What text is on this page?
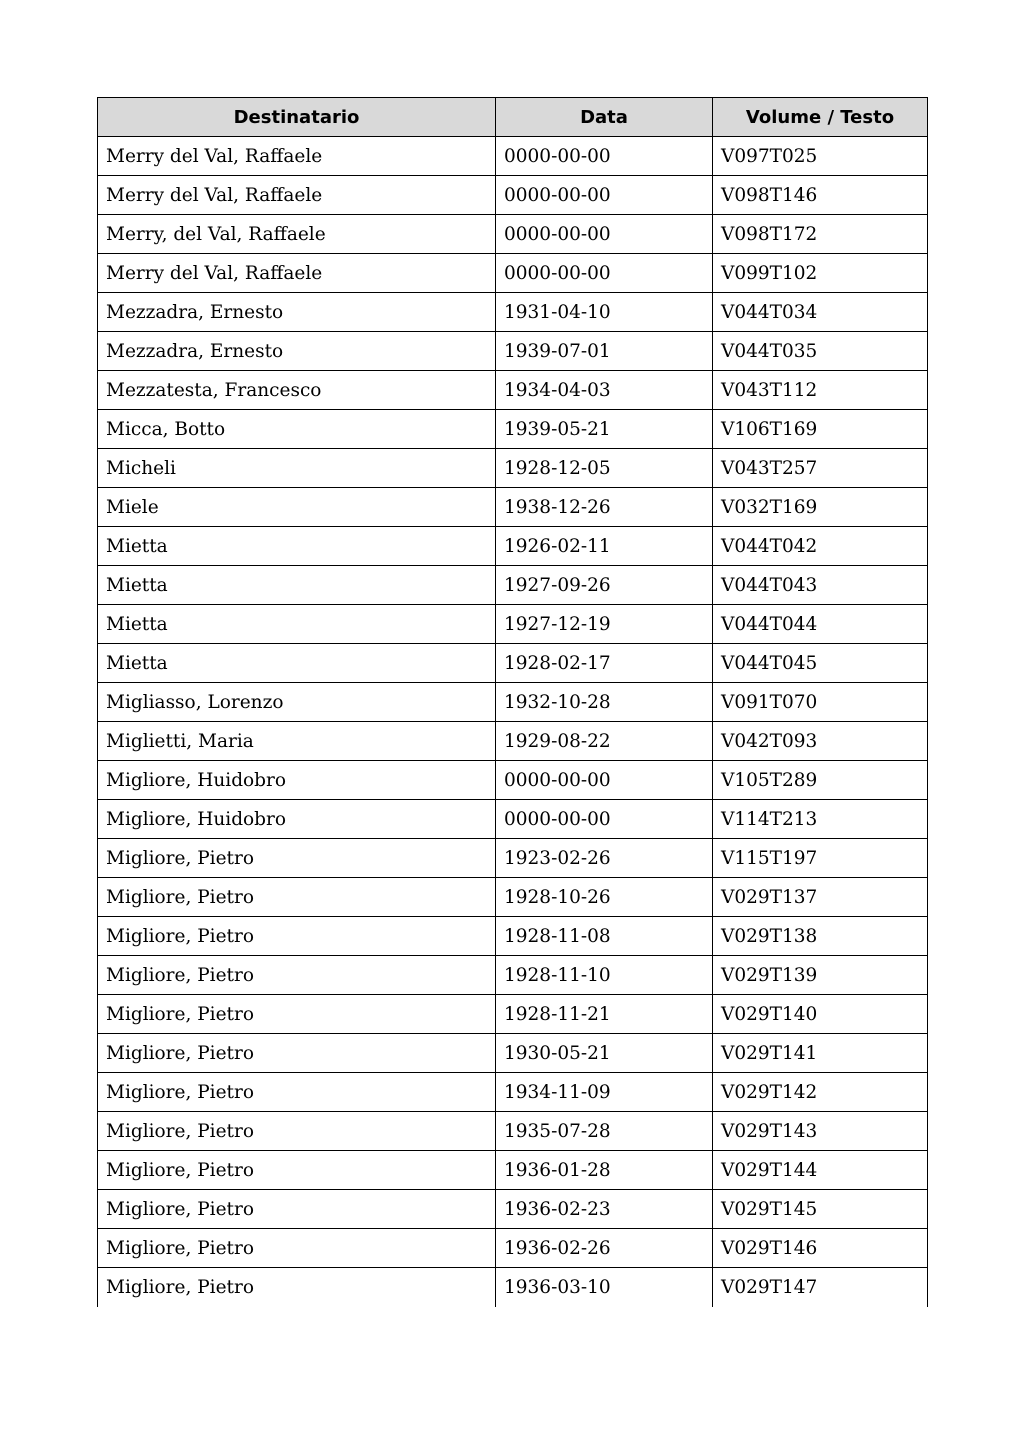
Destinatario	Data	Volume / Testo
Merry del Val, Raffaele	0000-00-00	V097T025
Merry del Val, Raffaele	0000-00-00	V098T146
Merry, del Val, Raffaele	0000-00-00	V098T172
Merry del Val, Raffaele	0000-00-00	V099T102
Mezzadra, Ernesto	1931-04-10	V044T034
Mezzadra, Ernesto	1939-07-01	V044T035
Mezzatesta, Francesco	1934-04-03	V043T112
Micca, Botto	1939-05-21	V106T169
Micheli	1928-12-05	V043T257
Miele	1938-12-26	V032T169
Mietta	1926-02-11	V044T042
Mietta	1927-09-26	V044T043
Mietta	1927-12-19	V044T044
Mietta	1928-02-17	V044T045
Migliasso, Lorenzo	1932-10-28	V091T070
Miglietti, Maria	1929-08-22	V042T093
Migliore, Huidobro	0000-00-00	V105T289
Migliore, Huidobro	0000-00-00	V114T213
Migliore, Pietro	1923-02-26	V115T197
Migliore, Pietro	1928-10-26	V029T137
Migliore, Pietro	1928-11-08	V029T138
Migliore, Pietro	1928-11-10	V029T139
Migliore, Pietro	1928-11-21	V029T140
Migliore, Pietro	1930-05-21	V029T141
Migliore, Pietro	1934-11-09	V029T142
Migliore, Pietro	1935-07-28	V029T143
Migliore, Pietro	1936-01-28	V029T144
Migliore, Pietro	1936-02-23	V029T145
Migliore, Pietro	1936-02-26	V029T146
Migliore, Pietro	1936-03-10	V029T147
